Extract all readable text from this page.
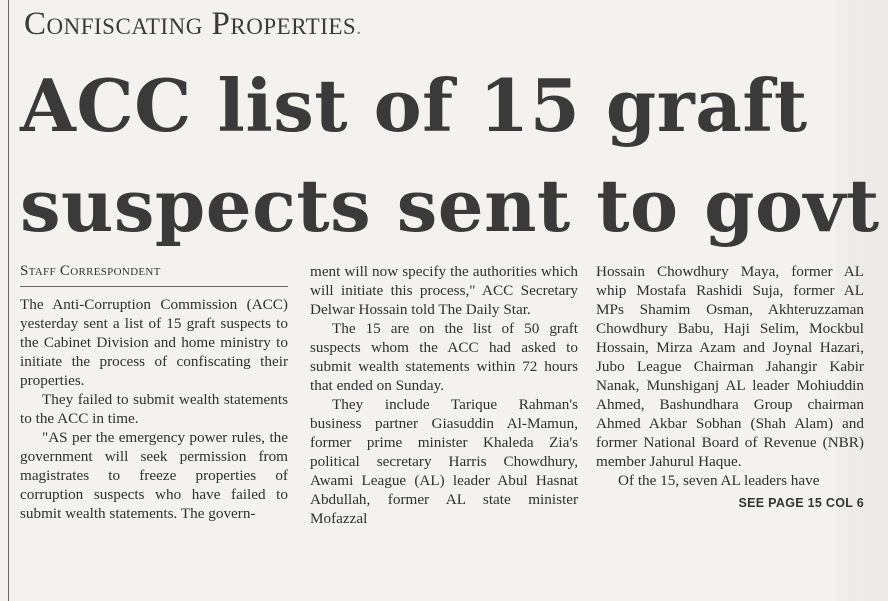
Confiscating Properties.
ACC list of 15 graft
suspects sent to govt
Staff Correspondent

The Anti-Corruption Commission (ACC) yesterday sent a list of 15 graft suspects to the Cabinet Division and home ministry to initiate the process of confiscating their properties.

They failed to submit wealth statements to the ACC in time.

"AS per the emergency power rules, the government will seek permission from magistrates to freeze properties of corruption suspects who have failed to submit wealth statements. The govern-

ment will now specify the authorities which will initiate this process," ACC Secretary Delwar Hossain told The Daily Star.

The 15 are on the list of 50 graft suspects whom the ACC had asked to submit wealth statements within 72 hours that ended on Sunday.

They include Tarique Rahman's business partner Giasuddin Al-Mamun, former prime minister Khaleda Zia's political secretary Harris Chowdhury, Awami League (AL) leader Abul Hasnat Abdullah, former AL state minister Mofazzal

Hossain Chowdhury Maya, former AL whip Mostafa Rashidi Suja, former AL MPs Shamim Osman, Akhteruzzaman Chowdhury Babu, Haji Selim, Mockbul Hossain, Mirza Azam and Joynal Hazari, Jubo League Chairman Jahangir Kabir Nanak, Munshiganj AL leader Mohiuddin Ahmed, Bashundhara Group chairman Ahmed Akbar Sobhan (Shah Alam) and former National Board of Revenue (NBR) member Jahurul Haque.

Of the 15, seven AL leaders have

SEE PAGE 15 COL 6
